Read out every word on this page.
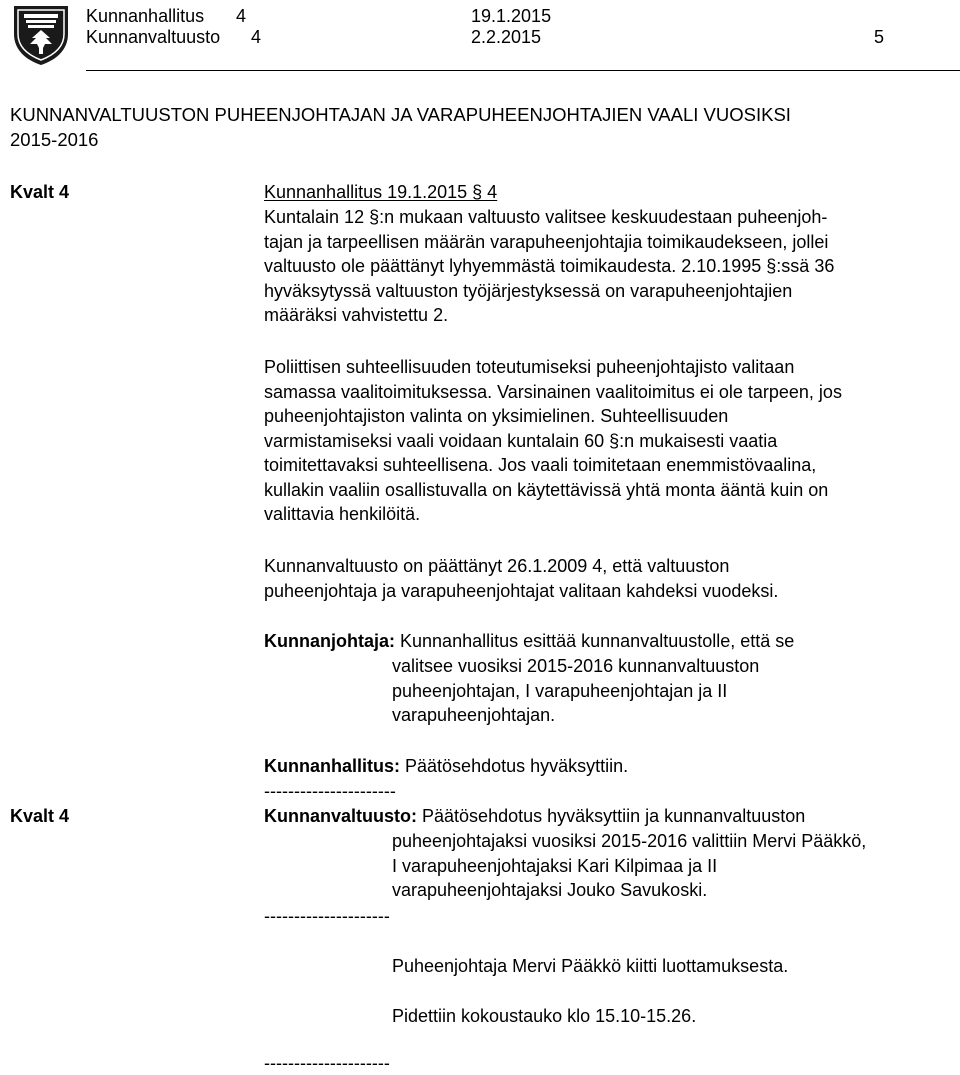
Kunnanhallitus 4	19.1.2015
Kunnanvaltuusto 4	2.2.2015	5
KUNNANVALTUUSTON PUHEENJOHTAJAN JA VARAPUHEENJOHTAJIEN VAALI VUOSIKSI
2015-2016
Kvalt 4	Kunnanhallitus 19.1.2015 § 4
Kuntalain 12 §:n mukaan valtuusto valitsee keskuudestaan puheenjoh-
tajan ja tarpeellisen määrän varapuheenjohtajia toimikaudekseen, jollei
valtuusto ole päättänyt lyhyemmästä toimikaudesta. 2.10.1995 §:ssä 36
hyväksytyssä valtuuston työjärjestyksessä on varapuheenjohtajien
määräksi vahvistettu 2.
Poliittisen suhteellisuuden toteutumiseksi puheenjohtajisto valitaan
samassa vaalitoimituksessa. Varsinainen vaalitoimitus ei ole tarpeen, jos
puheenjohtajiston valinta on yksimielinen. Suhteellisuuden
varmistamiseksi vaali voidaan kuntalain 60 §:n mukaisesti vaatia
toimitettavaksi suhteellisena. Jos vaali toimitetaan enemmistövaalina,
kullakin vaaliin osallistuvalla on käytettävissä yhtä monta ääntä kuin on
valittavia henkilöitä.
Kunnanvaltuusto on päättänyt 26.1.2009 4, että valtuuston
puheenjohtaja ja varapuheenjohtajat valitaan kahdeksi vuodeksi.
Kunnanjohtaja: Kunnanhallitus esittää kunnanvaltuustolle, että se
valitsee vuosiksi 2015-2016 kunnanvaltuuston
puheenjohtajan, I varapuheenjohtajan ja II
varapuheenjohtajan.
Kunnanhallitus: Päätösehdotus hyväksyttiin.
----------------------
Kvalt 4	Kunnanvaltuusto: Päätösehdotus hyväksyttiin ja kunnanvaltuuston
puheenjohtajaksi vuosiksi 2015-2016 valittiin Mervi Pääkkö,
I varapuheenjohtajaksi Kari Kilpimaa ja II
varapuheenjohtajaksi Jouko Savukoski.
---------------------
Puheenjohtaja Mervi Pääkkö kiitti luottamuksesta.
Pidettiin kokoustauko klo 15.10-15.26.
---------------------
